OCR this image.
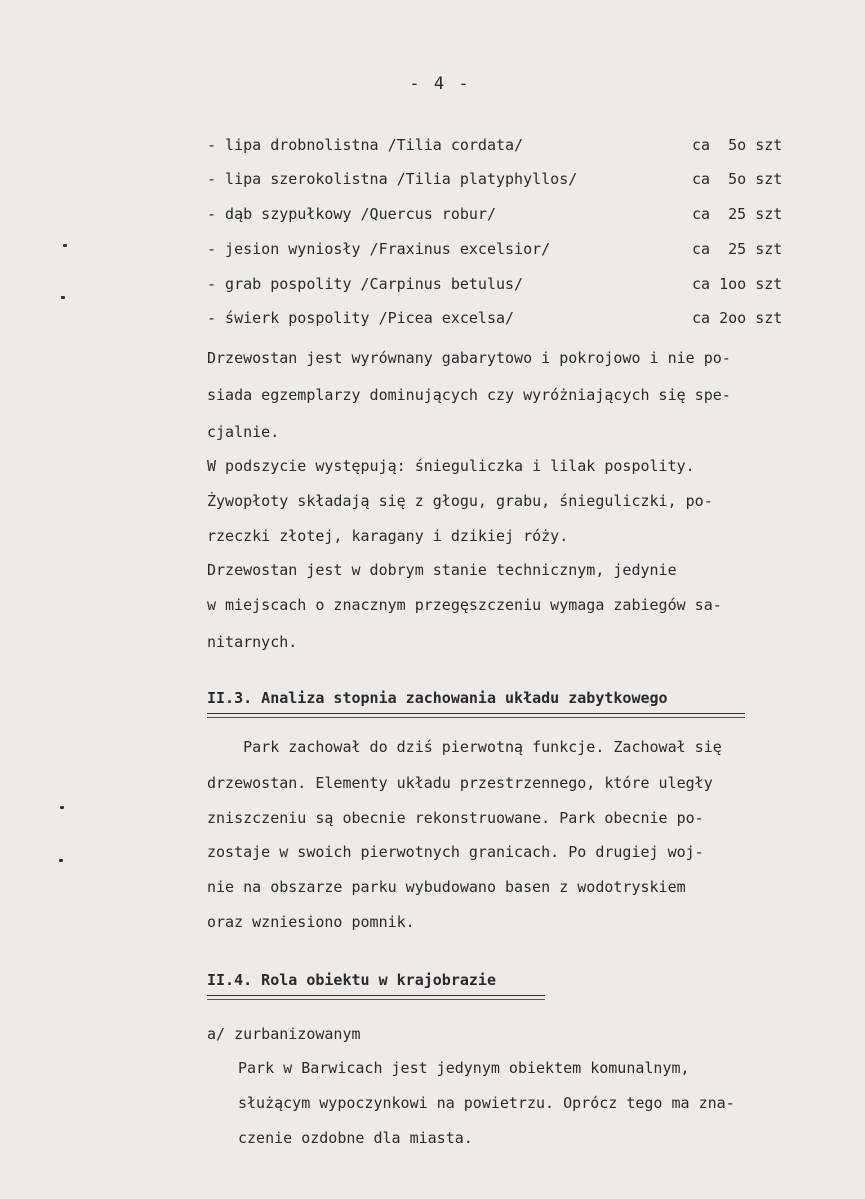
- 4 -
- lipa drobnolistna /Tilia cordata/	ca  5o szt
- lipa szerokolistna /Tilia platyphyllos/	ca  5o szt
- dąb szypułkowy /Quercus robur/	ca  25 szt
- jesion wyniosły /Fraxinus excelsior/	ca  25 szt
- grab pospolity /Carpinus betulus/	ca 1oo szt
- świerk pospolity /Picea excelsa/	ca 2oo szt
Drzewostan jest wyrównany gabarytowo i pokrojowo i nie po-
siada egzemplarzy dominujących czy wyróżniających się spe-
cjalnie.
W podszycie występują: śnieguliczka i lilak pospolity.
Żywopłoty składają się z głogu, grabu, śnieguliczki, po-
rzeczki złotej, karagany i dzikiej róży.
Drzewostan jest w dobrym stanie technicznym, jedynie
w miejscach o znacznym przegęszczeniu wymaga zabiegów sa-
nitarnych.
II.3. Analiza stopnia zachowania układu zabytkowego
Park zachował do dziś pierwotną funkcje. Zachował się
drzewostan. Elementy układu przestrzennego, które uległy
zniszczeniu są obecnie rekonstruowane. Park obecnie po-
zostaje w swoich pierwotnych granicach. Po drugiej woj-
nie na obszarze parku wybudowano basen z wodotryskiem
oraz wzniesiono pomnik.
II.4. Rola obiektu w krajobrazie
a/ zurbanizowanym
Park w Barwicach jest jedynym obiektem komunalnym,
służącym wypoczynkowi na powietrzu. Oprócz tego ma zna-
czenie ozdobne dla miasta.
